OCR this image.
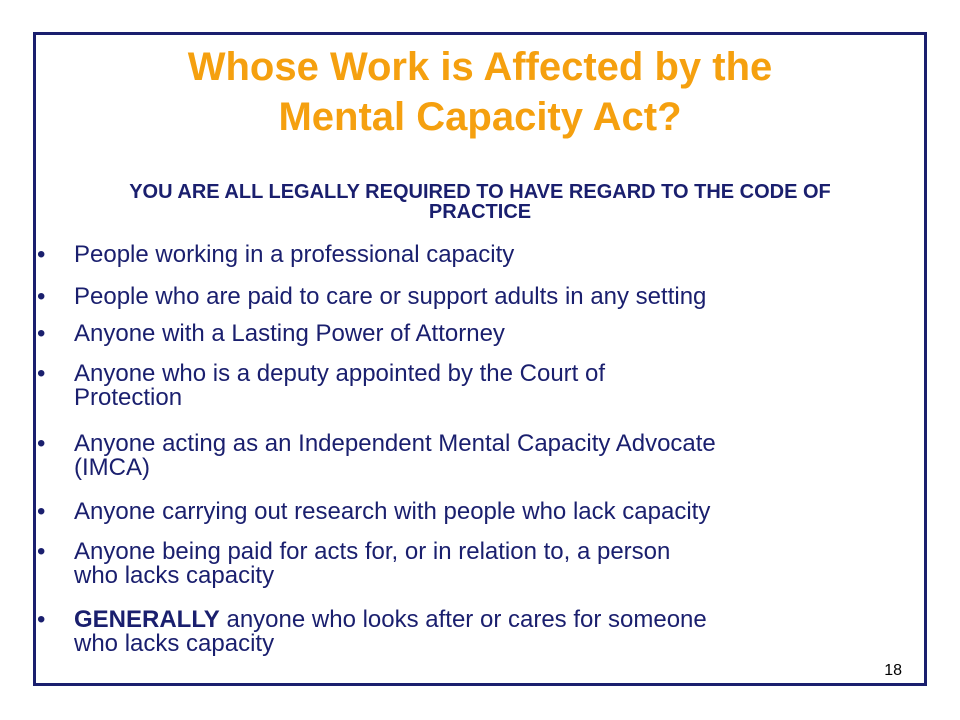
Whose Work is Affected by the
Mental Capacity Act?

YOU ARE ALL LEGALLY REQUIRED TO HAVE REGARD TO THE CODE OF PRACTICE

•	People working in a professional capacity
•	People who are paid to care or support adults in any setting
•	Anyone with a Lasting Power of Attorney
•	Anyone who is a deputy appointed by the Court of
Protection
•	Anyone acting as an Independent Mental Capacity Advocate
(IMCA)
•	Anyone carrying out research with people who lack capacity
•	Anyone being paid for acts for, or in relation to, a person
who lacks capacity
•	GENERALLY anyone who looks after or cares for someone
who lacks capacity
18
